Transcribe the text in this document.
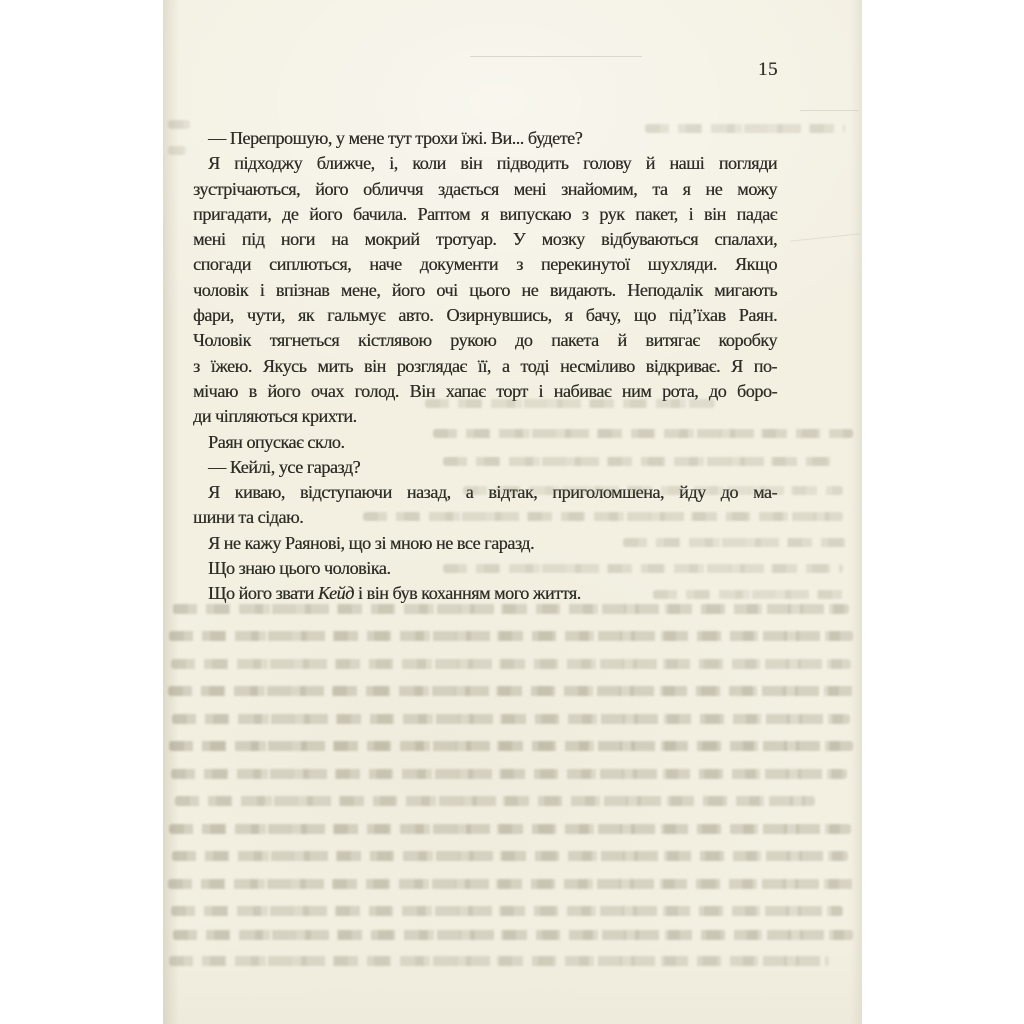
15
— Перепрошую, у мене тут трохи їжі. Ви... будете?
Я підходжу ближче, і, коли він підводить голову й наші погляди
зустрічаються, його обличчя здається мені знайомим, та я не можу
пригадати, де його бачила. Раптом я випускаю з рук пакет, і він падає
мені під ноги на мокрий тротуар. У мозку відбуваються спалахи,
спогади сиплються, наче документи з перекинутої шухляди. Якщо
чоловік і впізнав мене, його очі цього не видають. Неподалік мигають
фари, чути, як гальмує авто. Озирнувшись, я бачу, що під’їхав Раян.
Чоловік тягнеться кістлявою рукою до пакета й витягає коробку
з їжею. Якусь мить він розглядає її, а тоді несміливо відкриває. Я по-
мічаю в його очах голод. Він хапає торт і набиває ним рота, до боро-
ди чіпляються крихти.
Раян опускає скло.
— Кейлі, усе гаразд?
Я киваю, відступаючи назад, а відтак, приголомшена, йду до ма-
шини та сідаю.
Я не кажу Раянові, що зі мною не все гаразд.
Що знаю цього чоловіка.
Що його звати Кейд і він був коханням мого життя.
